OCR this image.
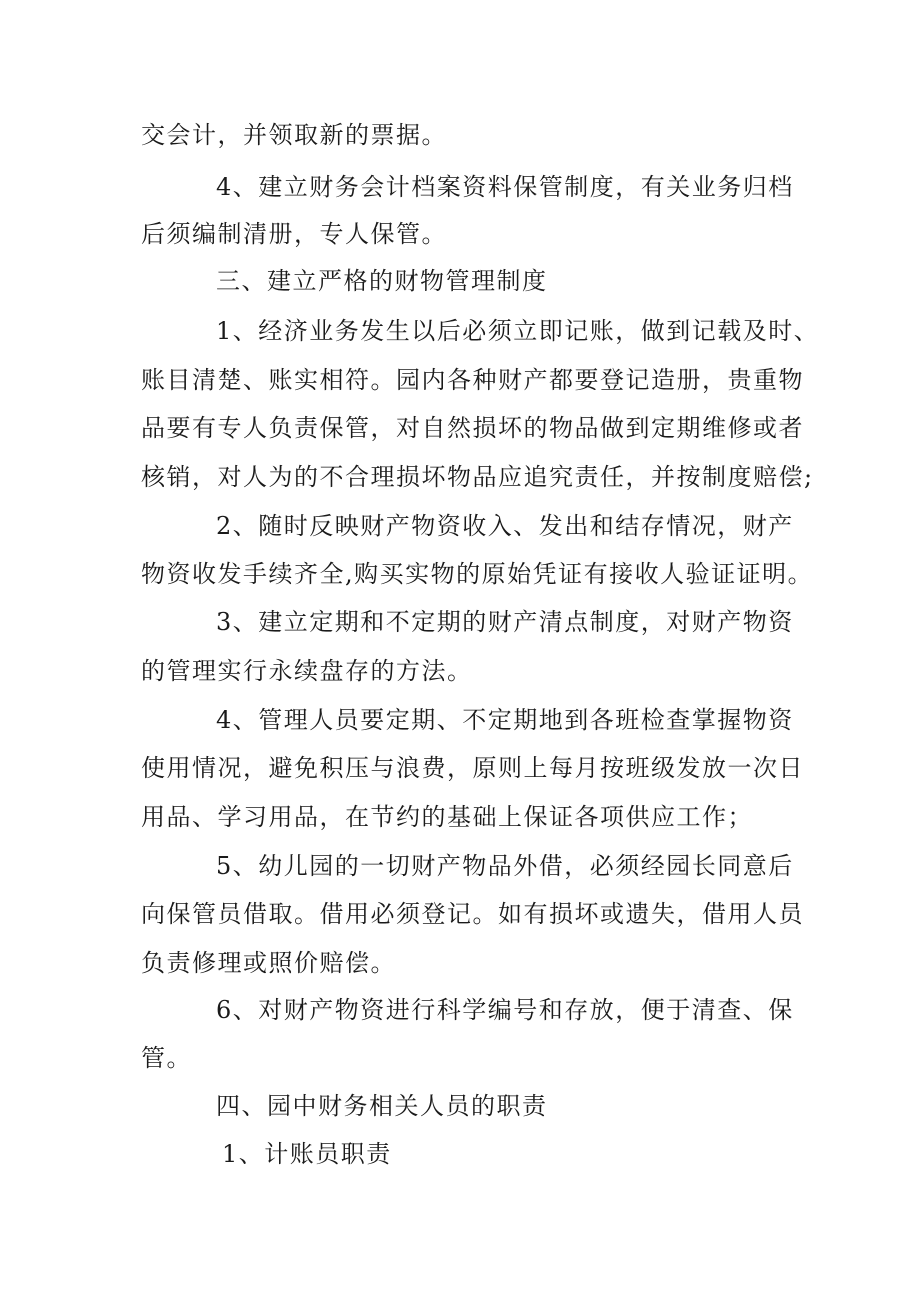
交会计，并领取新的票据。
4、建立财务会计档案资料保管制度，有关业务归档
后须编制清册，专人保管。
三、建立严格的财物管理制度
1、经济业务发生以后必须立即记账，做到记载及时、
账目清楚、账实相符。园内各种财产都要登记造册，贵重物
品要有专人负责保管，对自然损坏的物品做到定期维修或者
核销，对人为的不合理损坏物品应追究责任，并按制度赔偿;
2、随时反映财产物资收入、发出和结存情况，财产
物资收发手续齐全,购买实物的原始凭证有接收人验证证明。
3、建立定期和不定期的财产清点制度，对财产物资
的管理实行永续盘存的方法。
4、管理人员要定期、不定期地到各班检查掌握物资
使用情况，避免积压与浪费，原则上每月按班级发放一次日
用品、学习用品，在节约的基础上保证各项供应工作；
5、幼儿园的一切财产物品外借，必须经园长同意后
向保管员借取。借用必须登记。如有损坏或遗失，借用人员
负责修理或照价赔偿。
6、对财产物资进行科学编号和存放，便于清查、保
管。
四、园中财务相关人员的职责
1、计账员职责
